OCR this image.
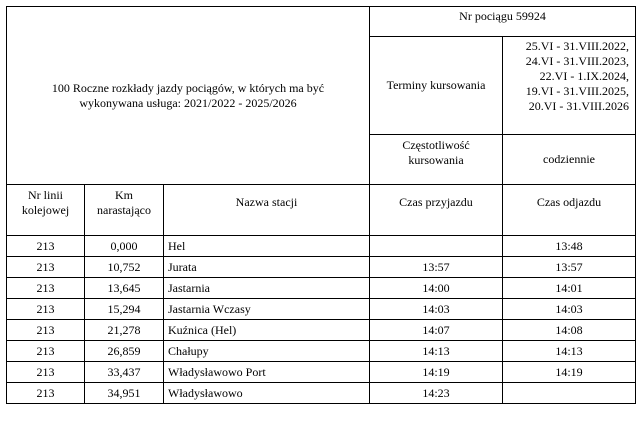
100 Roczne rozkłady jazdy pociągów, w których ma być wykonywana usługa: 2021/2022 - 2025/2026			Nr pociągu 59924	
			Terminy kursowania	25.VI - 31.VIII.2022,
24.VI - 31.VIII.2023,
22.VI - 1.IX.2024,
19.VI - 31.VIII.2025,
20.VI - 31.VIII.2026

			Częstotliwość kursowania	codziennie
Nr linii kolejowej	Km narastająco	Nazwa stacji	Czas przyjazdu	Czas odjazdu
213	0,000	Hel		13:48
213	10,752	Jurata	13:57	13:57
213	13,645	Jastarnia	14:00	14:01
213	15,294	Jastarnia Wczasy	14:03	14:03
213	21,278	Kuźnica (Hel)	14:07	14:08
213	26,859	Chałupy	14:13	14:13
213	33,437	Władysławowo Port	14:19	14:19
213	34,951	Władysławowo	14:23	
